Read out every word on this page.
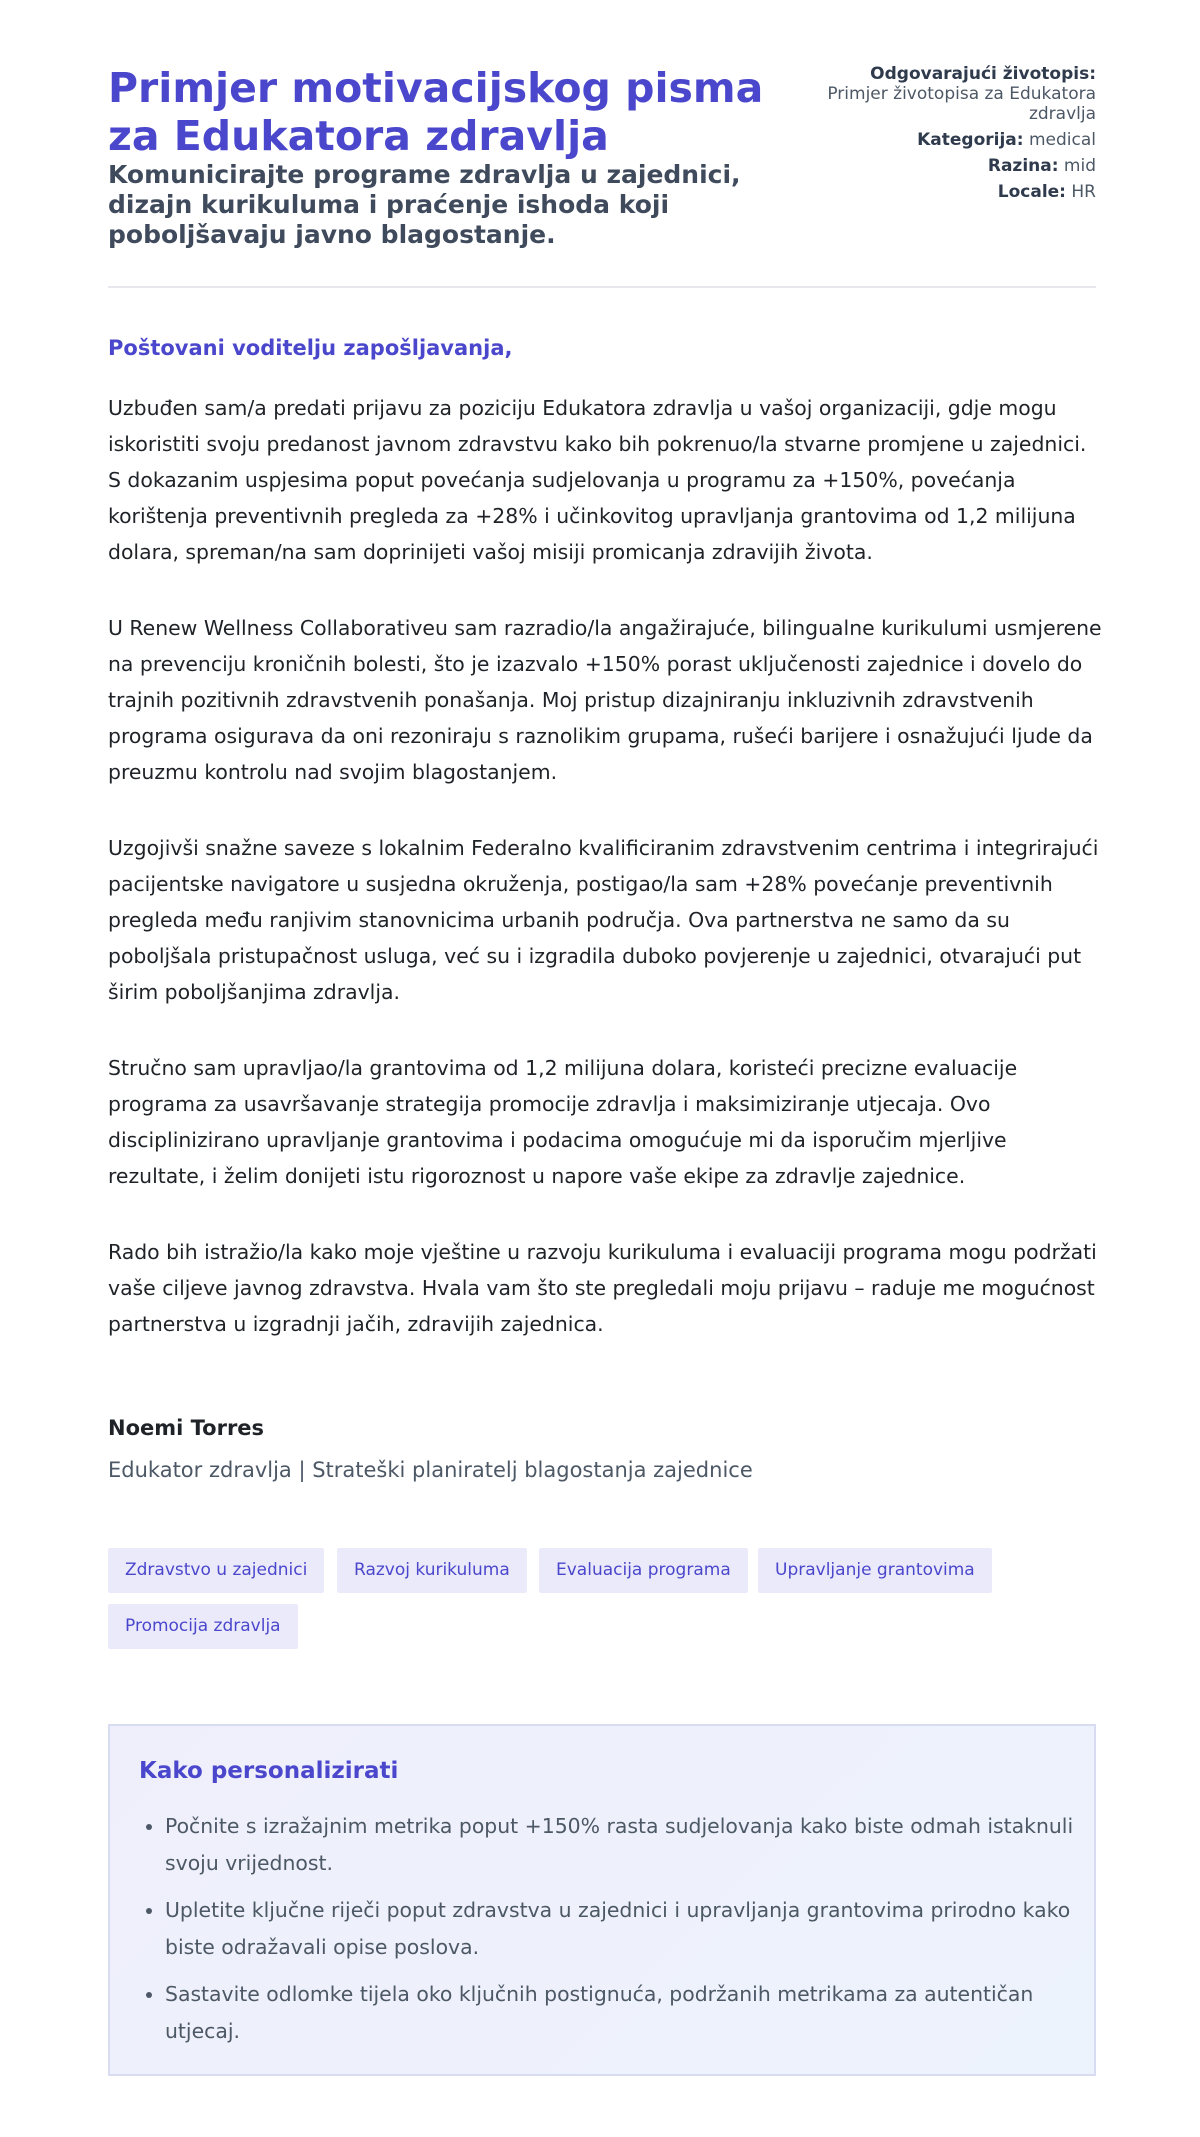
Primjer motivacijskog pisma za Edukatora zdravlja
Komunicirajte programe zdravlja u zajednici, dizajn kurikuluma i praćenje ishoda koji poboljšavaju javno blagostanje.
Odgovarajući životopis:
Primjer životopisa za Edukatora zdravlja
Kategorija: medical
Razina: mid
Locale: HR

Poštovani voditelju zapošljavanja,

Uzbuđen sam/a predati prijavu za poziciju Edukatora zdravlja u vašoj organizaciji, gdje mogu iskoristiti svoju predanost javnom zdravstvu kako bih pokrenuo/la stvarne promjene u zajednici. S dokazanim uspjesima poput povećanja sudjelovanja u programu za +150%, povećanja korištenja preventivnih pregleda za +28% i učinkovitog upravljanja grantovima od 1,2 milijuna dolara, spreman/na sam doprinijeti vašoj misiji promicanja zdravijih života.

U Renew Wellness Collaborativeu sam razradio/la angažirajuće, bilingualne kurikulumi usmjerene na prevenciju kroničnih bolesti, što je izazvalo +150% porast uključenosti zajednice i dovelo do trajnih pozitivnih zdravstvenih ponašanja. Moj pristup dizajniranju inkluzivnih zdravstvenih programa osigurava da oni rezoniraju s raznolikim grupama, rušeći barijere i osnažujući ljude da preuzmu kontrolu nad svojim blagostanjem.

Uzgojivši snažne saveze s lokalnim Federalno kvalificiranim zdravstvenim centrima i integrirajući pacijentske navigatore u susjedna okruženja, postigao/la sam +28% povećanje preventivnih pregleda među ranjivim stanovnicima urbanih područja. Ova partnerstva ne samo da su poboljšala pristupačnost usluga, već su i izgradila duboko povjerenje u zajednici, otvarajući put širim poboljšanjima zdravlja.

Stručno sam upravljao/la grantovima od 1,2 milijuna dolara, koristeći precizne evaluacije programa za usavršavanje strategija promocije zdravlja i maksimiziranje utjecaja. Ovo disciplinizirano upravljanje grantovima i podacima omogućuje mi da isporučim mjerljive rezultate, i želim donijeti istu rigoroznost u napore vaše ekipe za zdravlje zajednice.

Rado bih istražio/la kako moje vještine u razvoju kurikuluma i evaluaciji programa mogu podržati vaše ciljeve javnog zdravstva. Hvala vam što ste pregledali moju prijavu – raduje me mogućnost partnerstva u izgradnji jačih, zdravijih zajednica.

Noemi Torres

Edukator zdravlja | Strateški planiratelj blagostanja zajednice

Zdravstvo u zajednici	Razvoj kurikuluma	Evaluacija programa	Upravljanje grantovima
Promocija zdravlja
Kako personalizirati
• Počnite s izražajnim metrika poput +150% rasta sudjelovanja kako biste odmah istaknuli svoju vrijednost.
• Upletite ključne riječi poput zdravstva u zajednici i upravljanja grantovima prirodno kako biste odražavali opise poslova.
• Sastavite odlomke tijela oko ključnih postignuća, podržanih metrikama za autentičan utjecaj.
